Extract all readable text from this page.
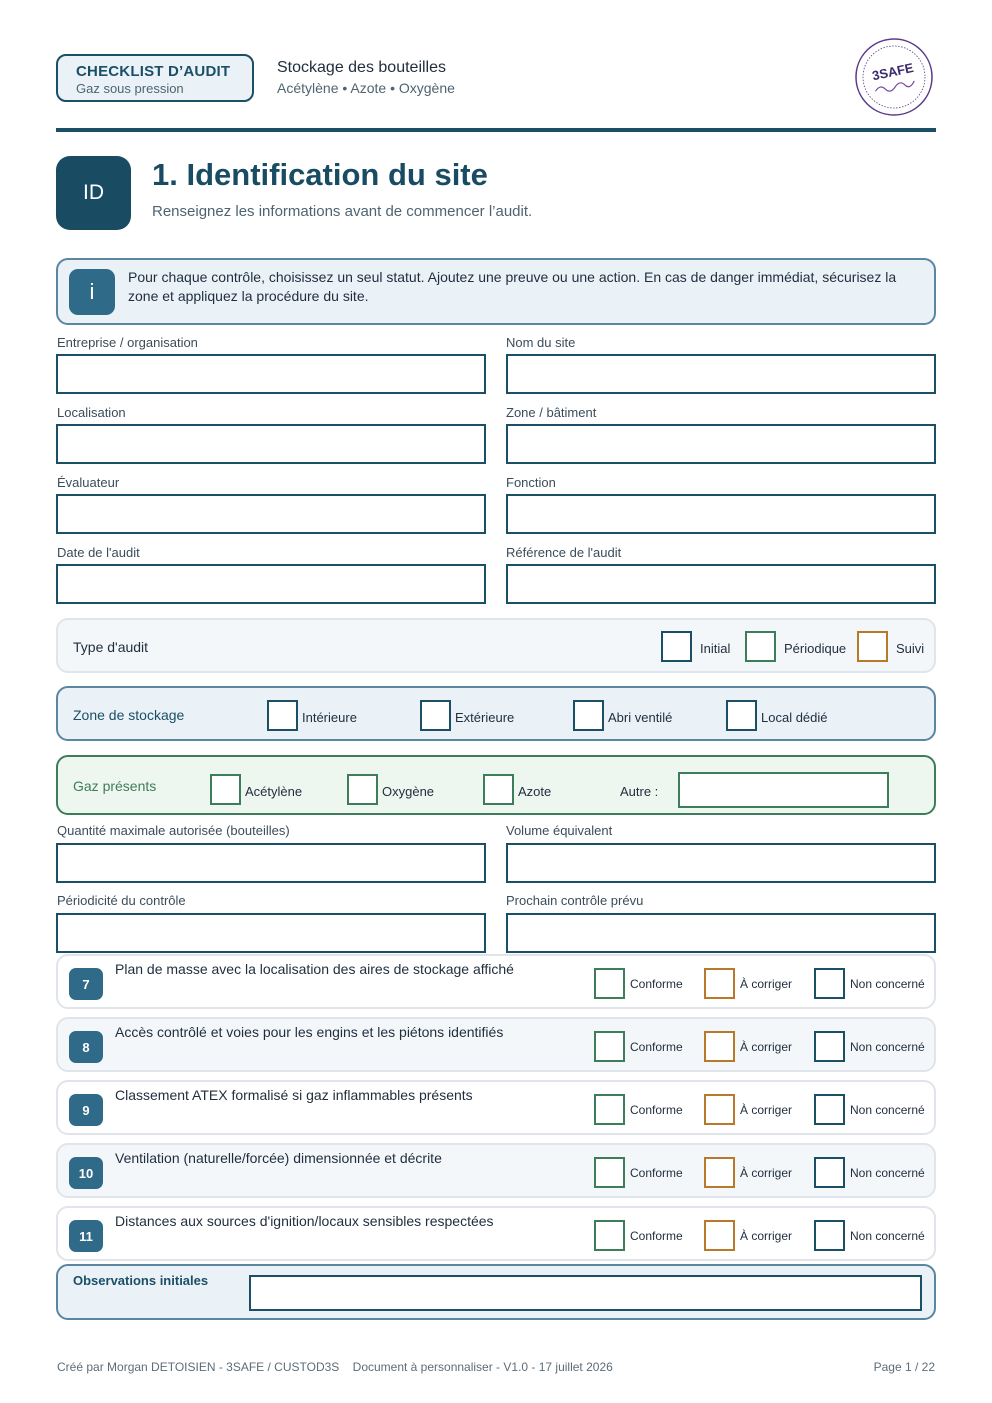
CHECKLIST D’AUDIT
Gaz sous pression
Stockage des bouteilles
Acétylène • Azote • Oxygène
3SAFE
ID
1. Identification du site
Renseignez les informations avant de commencer l’audit.
i
Pour chaque contrôle, choisissez un seul statut. Ajoutez une preuve ou une action. En cas de danger immédiat, sécurisez la zone et appliquez la procédure du site.
Entreprise / organisation	Nom du site
Localisation	Zone / bâtiment
Évaluateur	Fonction
Date de l'audit	Référence de l'audit
Type d'audit	Initial	Périodique	Suivi
Zone de stockage	Intérieure	Extérieure	Abri ventilé	Local dédié
Gaz présents	Acétylène	Oxygène	Azote	Autre :
Quantité maximale autorisée (bouteilles)	Volume équivalent
Périodicité du contrôle	Prochain contrôle prévu
7
Plan de masse avec la localisation des aires de stockage affiché
Conforme	À corriger	Non concerné
8
Accès contrôlé et voies pour les engins et les piétons identifiés
Conforme	À corriger	Non concerné
9
Classement ATEX formalisé si gaz inflammables présents
Conforme	À corriger	Non concerné
10
Ventilation (naturelle/forcée) dimensionnée et décrite
Conforme	À corriger	Non concerné
11
Distances aux sources d'ignition/locaux sensibles respectées
Conforme	À corriger	Non concerné
Observations initiales
Créé par Morgan DETOISIEN - 3SAFE / CUSTOD3S    Document à personnaliser - V1.0 - 17 juillet 2026	Page 1 / 22
